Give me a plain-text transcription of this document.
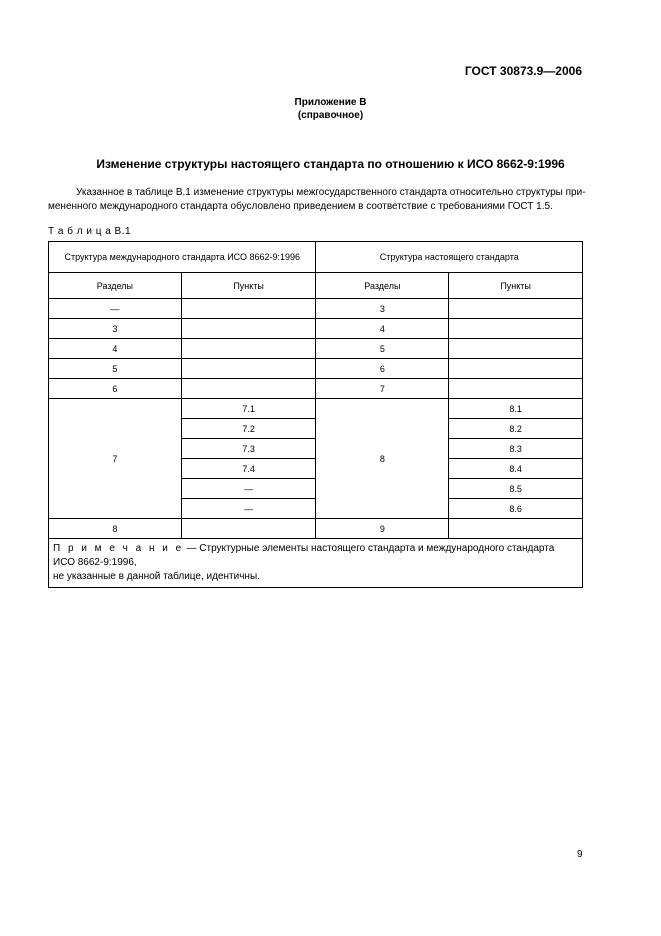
ГОСТ 30873.9—2006
Приложение В
(справочное)
Изменение структуры настоящего стандарта по отношению к ИСО 8662-9:1996

Указанное в таблице В.1 изменение структуры межгосударственного стандарта относительно структуры при-
мененного международного стандарта обусловлено приведением в соответствие с требованиями ГОСТ 1.5.

Т а б л и ц а В.1
Структура международного стандарта ИСО 8662-9:1996		Структура настоящего стандарта	
Разделы	Пункты	Разделы	Пункты
—		3	
3		4	
4		5	
5		6	
6		7	
7	7.1	8	8.1
	7.2		8.2
	7.3		8.3
	7.4		8.4
	—		8.5
	—		8.6
8		9	
П р и м е ч а н и е — Структурные элементы настоящего стандарта и международного стандарта ИСО 8662-9:1996,
не указанные в данной таблице, идентичны.			
9
